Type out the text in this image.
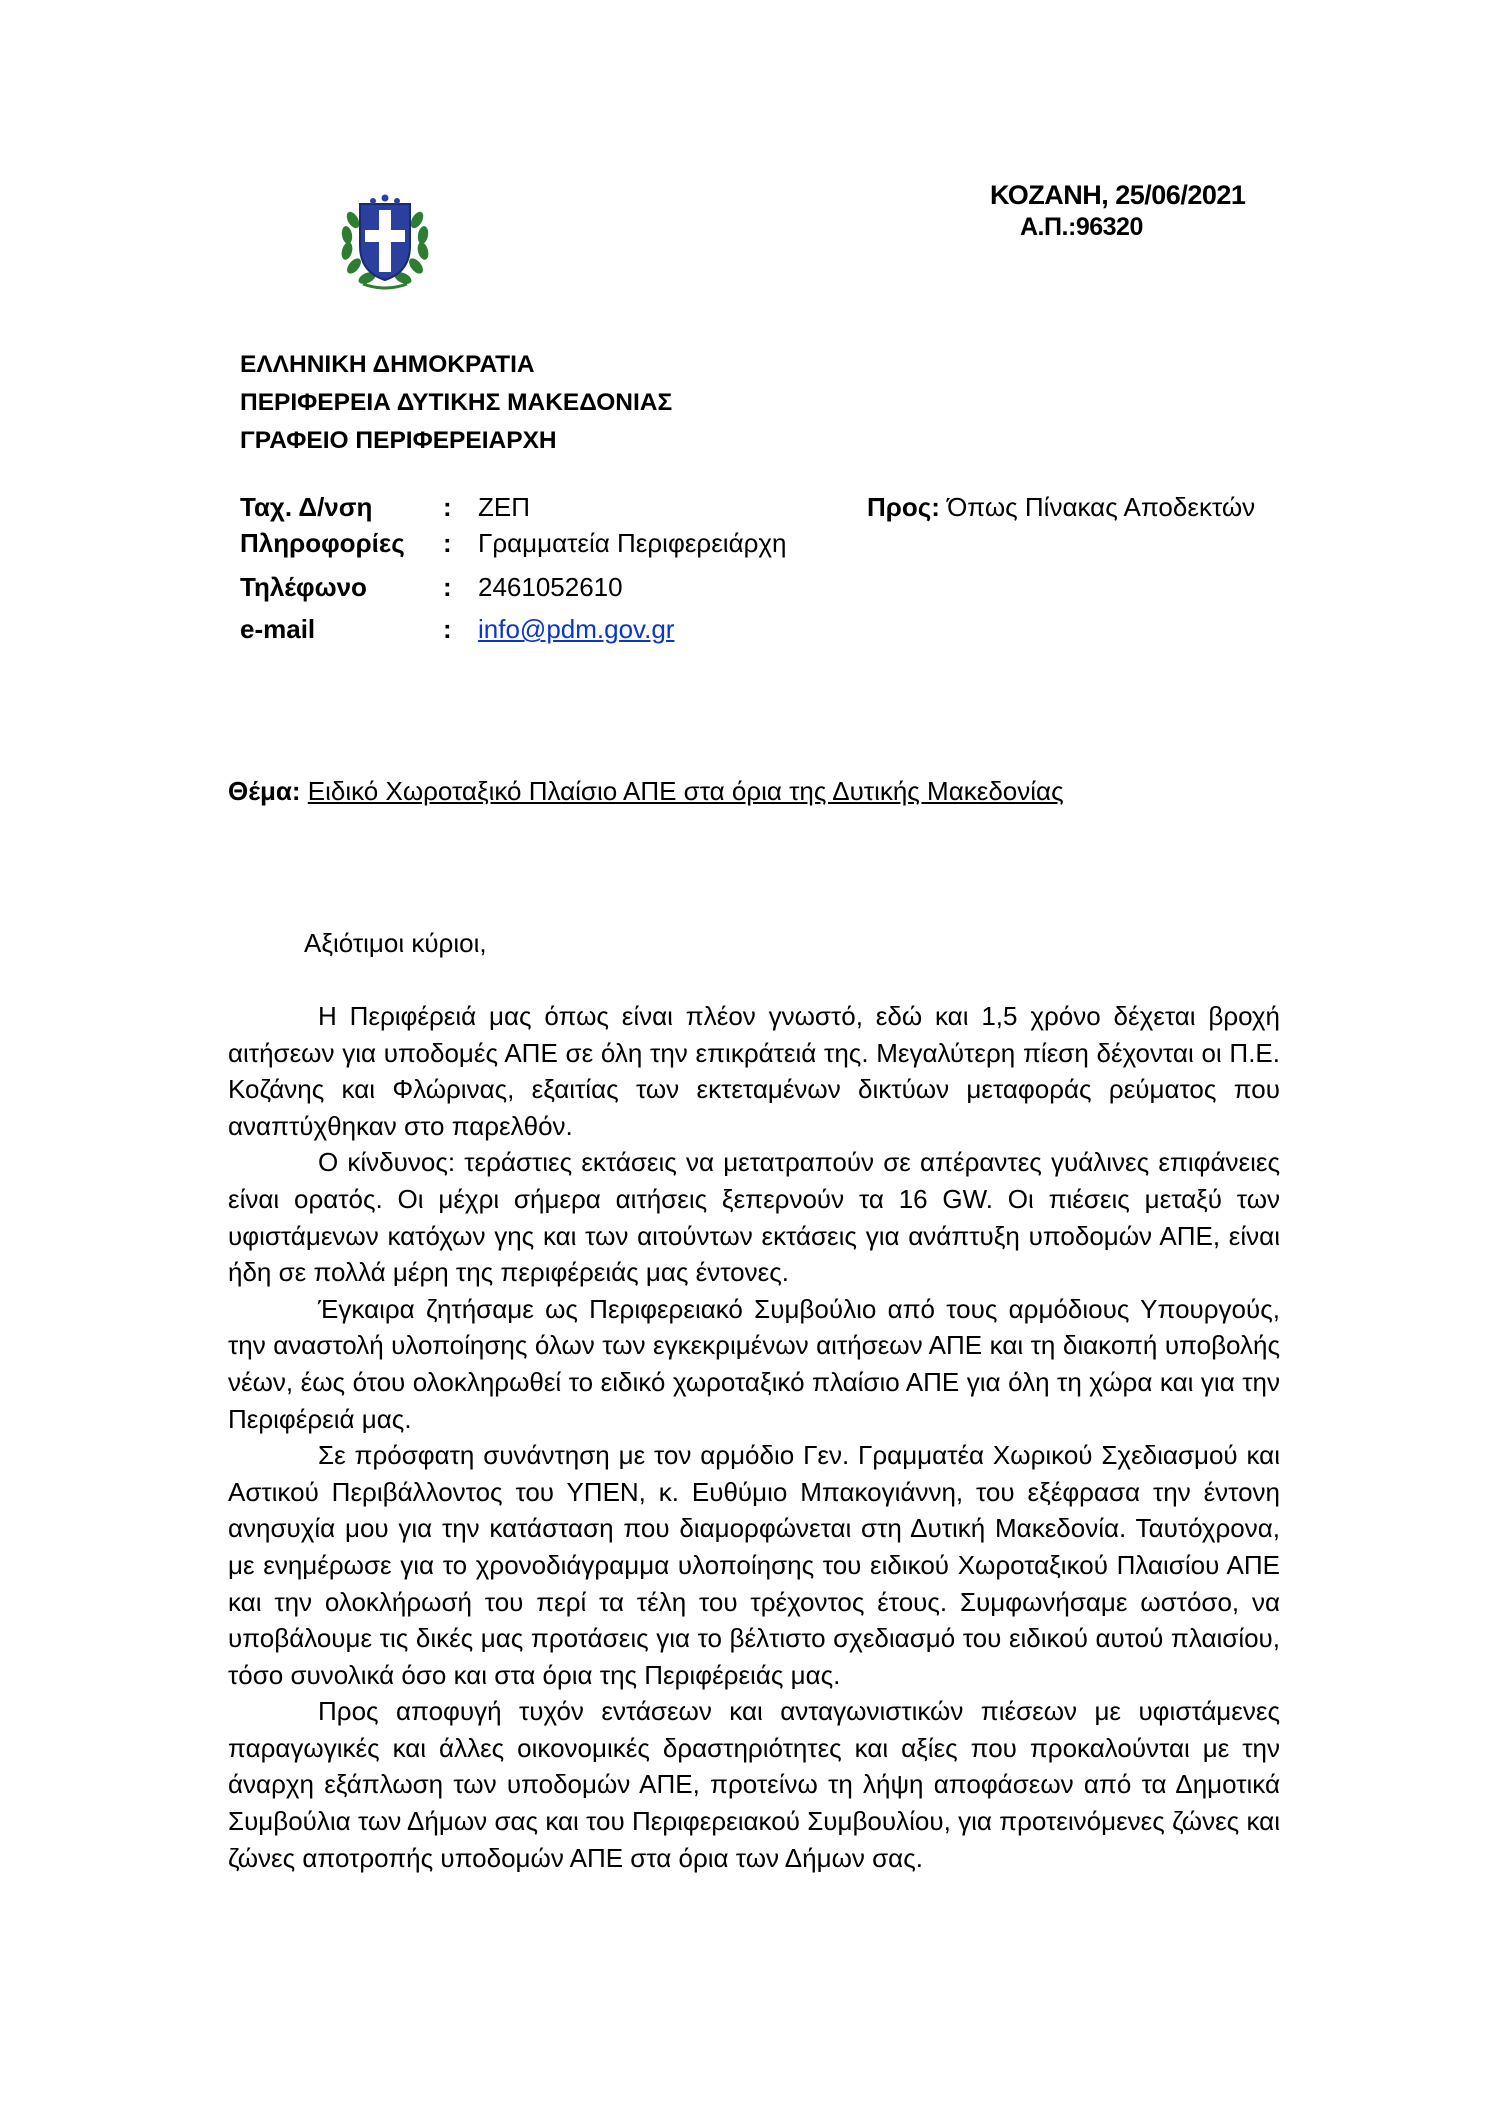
ΚΟΖΑΝΗ, 25/06/2021
Α.Π.:96320
ΕΛΛΗΝΙΚΗ ΔΗΜΟΚΡΑΤΙΑ
ΠΕΡΙΦΕΡΕΙΑ ΔΥΤΙΚΗΣ ΜΑΚΕΔΟΝΙΑΣ
ΓΡΑΦΕΙΟ ΠΕΡΙΦΕΡΕΙΑΡΧΗ
Ταχ. Δ/νση	: ΖΕΠ
Πληροφορίες : Γραμματεία Περιφερειάρχη
Τηλέφωνο	: 2461052610
e-mail	: info@pdm.gov.gr
Προς: Όπως Πίνακας Αποδεκτών
Θέμα: Ειδικό Χωροταξικό Πλαίσιο ΑΠΕ στα όρια της Δυτικής Μακεδονίας
Αξιότιμοι κύριοι,

Η Περιφέρειά μας όπως είναι πλέον γνωστό, εδώ και 1,5 χρόνο δέχεται βροχή αιτήσεων για υποδομές ΑΠΕ σε όλη την επικράτειά της. Μεγαλύτερη πίεση δέχονται οι Π.Ε. Κοζάνης και Φλώρινας, εξαιτίας των εκτεταμένων δικτύων μεταφοράς ρεύματος που αναπτύχθηκαν στο παρελθόν.

Ο κίνδυνος: τεράστιες εκτάσεις να μετατραπούν σε απέραντες γυάλινες επιφάνειες είναι ορατός. Οι μέχρι σήμερα αιτήσεις ξεπερνούν τα 16 GW. Οι πιέσεις μεταξύ των υφιστάμενων κατόχων γης και των αιτούντων εκτάσεις για ανάπτυξη υποδομών ΑΠΕ, είναι ήδη σε πολλά μέρη της περιφέρειάς μας έντονες.

Έγκαιρα ζητήσαμε ως Περιφερειακό Συμβούλιο από τους αρμόδιους Υπουργούς, την αναστολή υλοποίησης όλων των εγκεκριμένων αιτήσεων ΑΠΕ και τη διακοπή υποβολής νέων, έως ότου ολοκληρωθεί το ειδικό χωροταξικό πλαίσιο ΑΠΕ για όλη τη χώρα και για την Περιφέρειά μας.

Σε πρόσφατη συνάντηση με τον αρμόδιο Γεν. Γραμματέα Χωρικού Σχεδιασμού και Αστικού Περιβάλλοντος του ΥΠΕΝ, κ. Ευθύμιο Μπακογιάννη, του εξέφρασα την έντονη ανησυχία μου για την κατάσταση που διαμορφώνεται στη Δυτική Μακεδονία. Ταυτόχρονα, με ενημέρωσε για το χρονοδιάγραμμα υλοποίησης του ειδικού Χωροταξικού Πλαισίου ΑΠΕ και την ολοκλήρωσή του περί τα τέλη του τρέχοντος έτους. Συμφωνήσαμε ωστόσο, να υποβάλουμε τις δικές μας προτάσεις για το βέλτιστο σχεδιασμό του ειδικού αυτού πλαισίου, τόσο συνολικά όσο και στα όρια της Περιφέρειάς μας.

Προς αποφυγή τυχόν εντάσεων και ανταγωνιστικών πιέσεων με υφιστάμενες παραγωγικές και άλλες οικονομικές δραστηριότητες και αξίες που προκαλούνται με την άναρχη εξάπλωση των υποδομών ΑΠΕ, προτείνω τη λήψη αποφάσεων από τα Δημοτικά Συμβούλια των Δήμων σας και του Περιφερειακού Συμβουλίου, για προτεινόμενες ζώνες και ζώνες αποτροπής υποδομών ΑΠΕ στα όρια των Δήμων σας.
